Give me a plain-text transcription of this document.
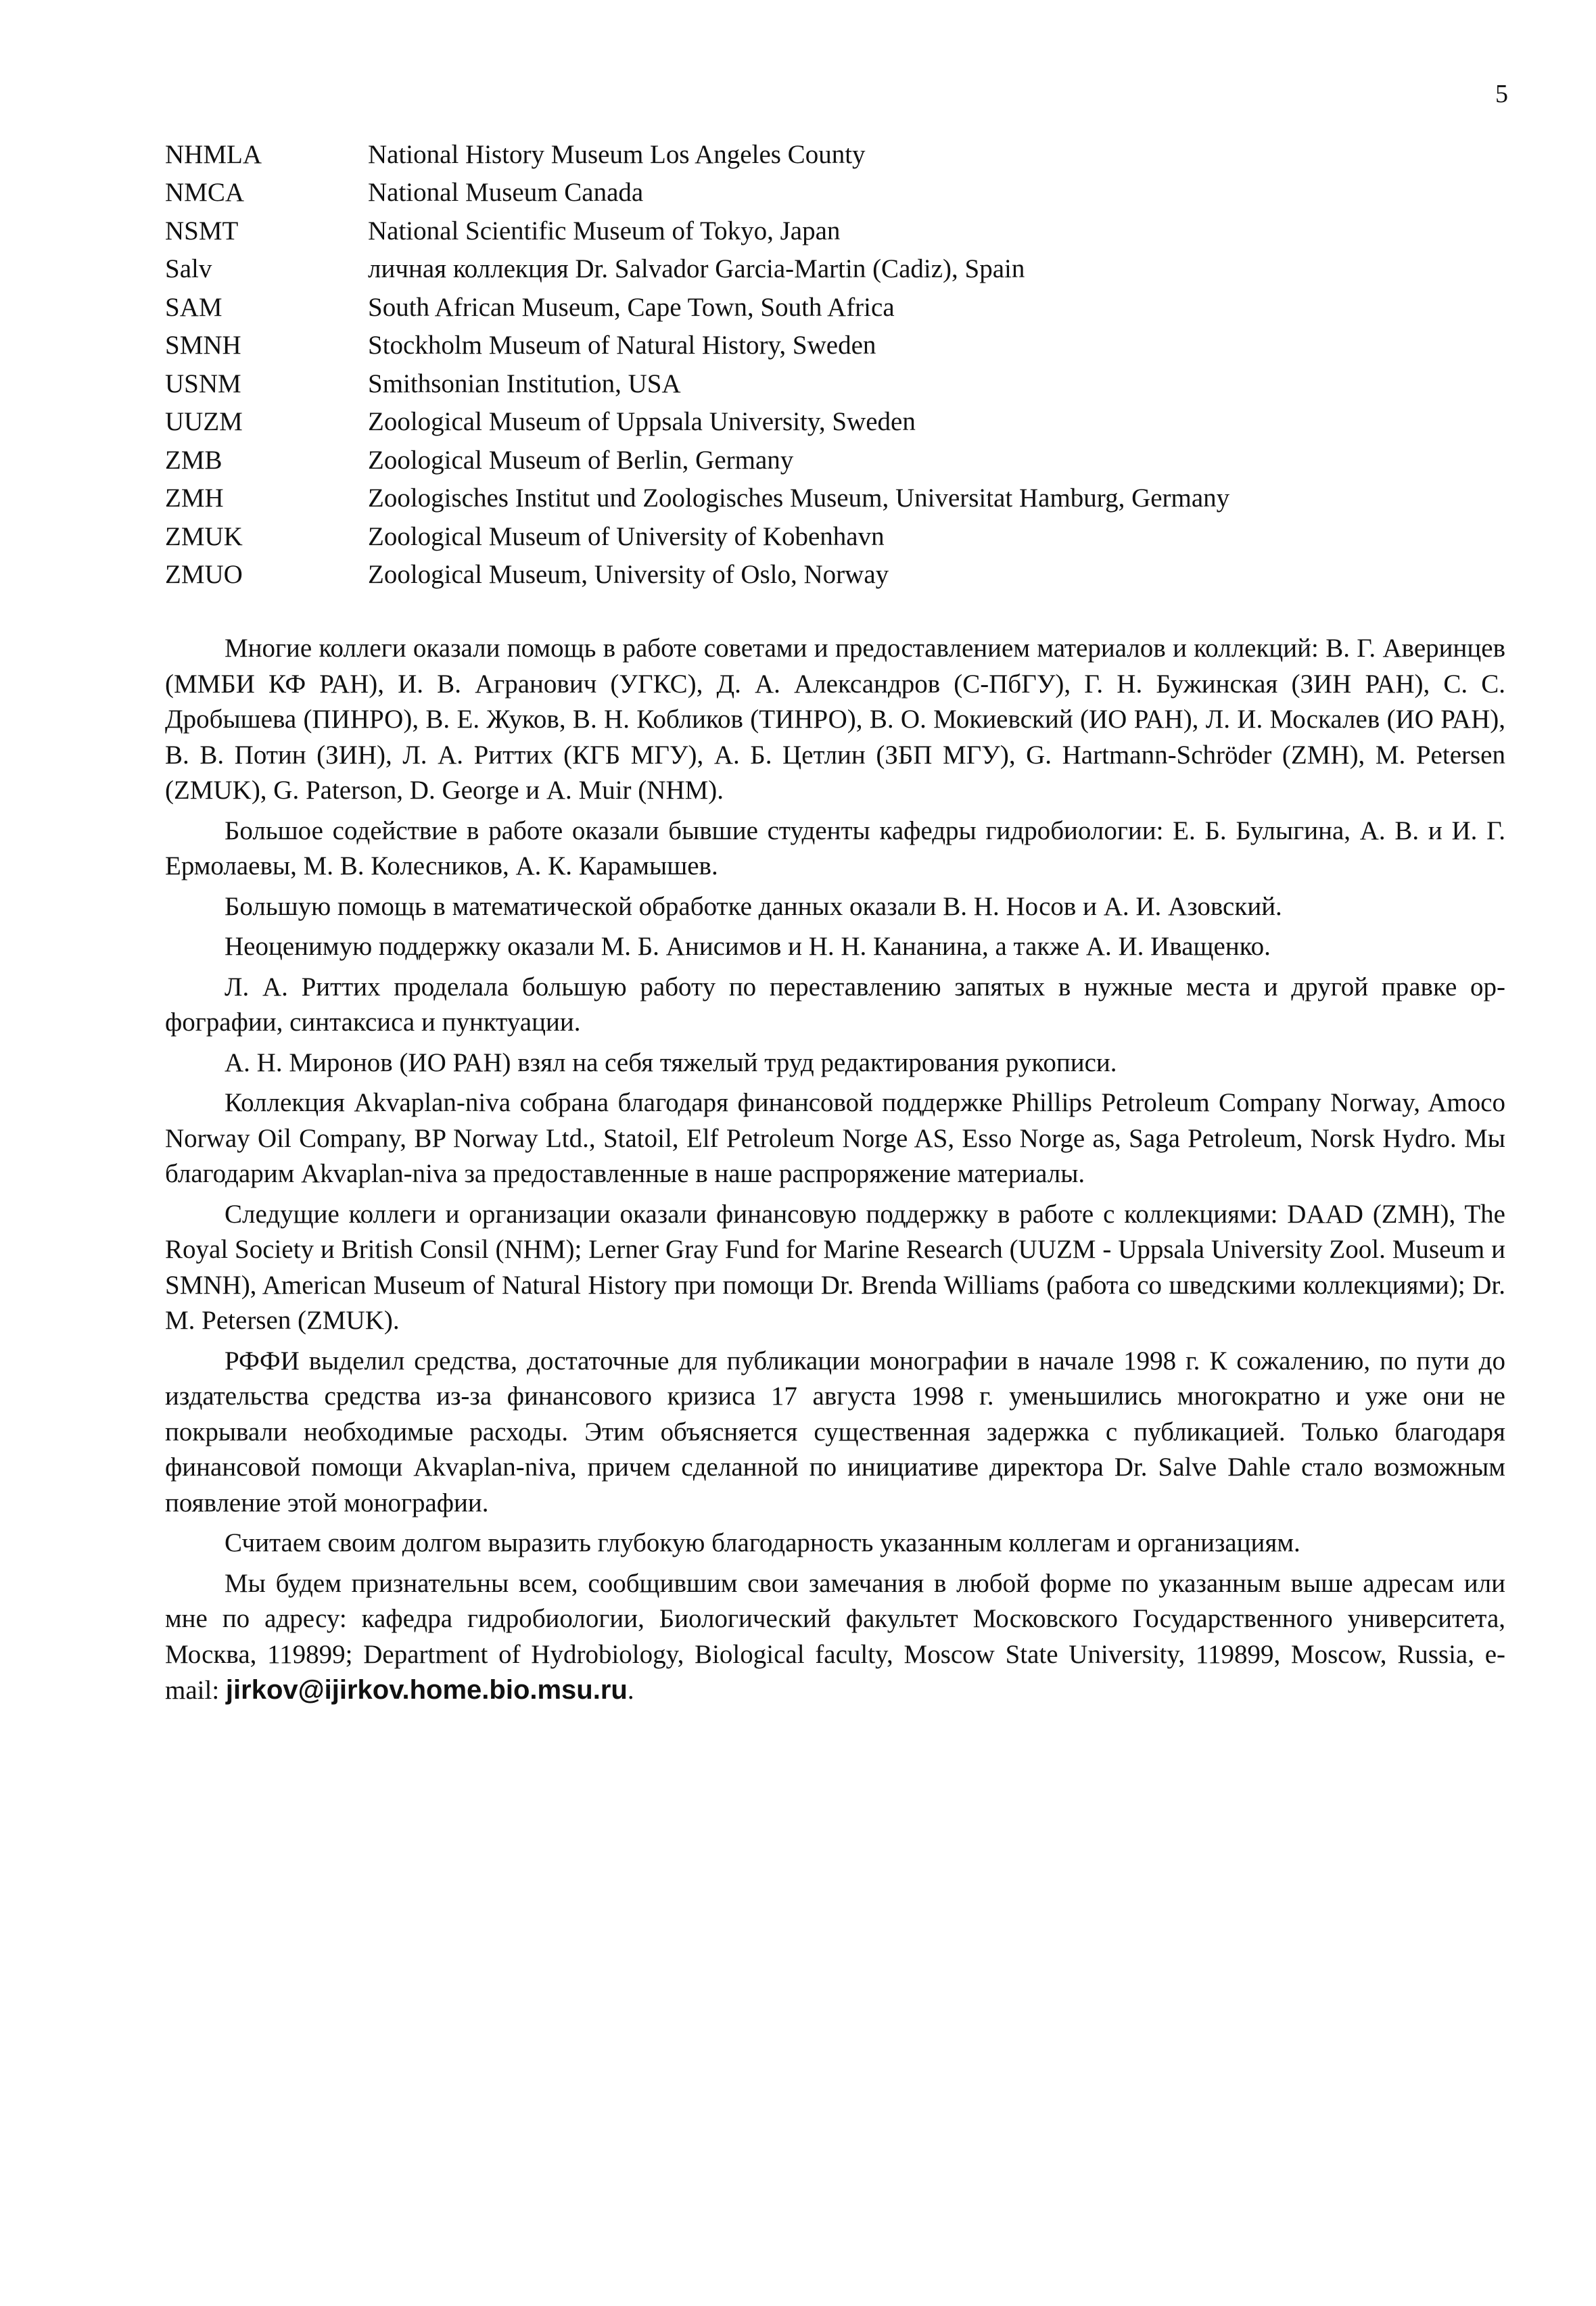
5
NHMLA	National History Museum Los Angeles County
NMCA	National Museum Canada
NSMT	National Scientific Museum of Tokyo, Japan
Salv	личная коллекция Dr. Salvador Garcia-Martin (Cadiz), Spain
SAM	South African Museum, Cape Town, South Africa
SMNH	Stockholm Museum of Natural History, Sweden
USNM	Smithsonian Institution, USA
UUZM	Zoological Museum of Uppsala University, Sweden
ZMB	Zoological Museum of Berlin, Germany
ZMH	Zoologisches Institut und Zoologisches Museum, Universitat Hamburg, Germany
ZMUK	Zoological Museum of University of Kobenhavn
ZMUO	Zoological Museum, University of Oslo, Norway

Многие коллеги оказали помощь в работе советами и предоставлением материалов и коллекций: В. Г. Аверинцев (ММБИ КФ РАН), И. В. Агранович (УГКС), Д. А. Александров (С-ПбГУ), Г. Н. Бужинская (ЗИН РАН), С. С. Дробышева (ПИНРО), В. Е. Жуков, В. Н. Кобликов (ТИНРО), В. О. Мокиевский (ИО РАН), Л. И. Москалев (ИО РАН), В. В. Потин (ЗИН), Л. А. Риттих (КГБ МГУ), А. Б. Цетлин (ЗБП МГУ), G. Hartmann-Schröder (ZMH), M. Petersen (ZMUK), G. Paterson, D. George и A. Muir (NHM).

Большое содействие в работе оказали бывшие студенты кафедры гидробиологии: Е. Б. Булыгина, А. В. и И. Г. Ермолаевы, М. В. Колесников, А. К. Карамышев.

Большую помощь в математической обработке данных оказали В. Н. Носов и А. И. Азовский.

Неоценимую поддержку оказали М. Б. Анисимов и Н. Н. Кананина, а также А. И. Иващенко.

Л. А. Риттих проделала большую работу по переставлению запятых в нужные места и другой правке орфографии, синтаксиса и пунктуации.

А. Н. Миронов (ИО РАН) взял на себя тяжелый труд редактирования рукописи.

Коллекция Akvaplan-niva собрана благодаря финансовой поддержке Phillips Petroleum Company Norway, Amoco Norway Oil Company, BP Norway Ltd., Statoil, Elf Petroleum Norge AS, Esso Norge as, Saga Petroleum, Norsk Hydro. Мы благодарим Akvaplan-niva за предоставленные в наше распроряжение материалы.

Следущие коллеги и организации оказали финансовую поддержку в работе с коллекциями: DAAD (ZMH), The Royal Society и British Consil (NHM); Lerner Gray Fund for Marine Research (UUZM - Uppsala University Zool. Museum и SMNH), American Museum of Natural History при помощи Dr. Brenda Williams (работа со шведскими коллекциями); Dr. M. Petersen (ZMUK).

РФФИ выделил средства, достаточные для публикации монографии в начале 1998 г. К сожалению, по пути до издательства средства из-за финансового кризиса 17 августа 1998 г. уменьшились многократно и уже они не покрывали необходимые расходы. Этим объясняется существенная задержка с публикацией. Только благодаря финансовой помощи Akvaplan-niva, причем сделанной по инициативе директора Dr. Salve Dahle стало возможным появление этой монографии.

Считаем своим долгом выразить глубокую благодарность указанным коллегам и организациям.

Мы будем признательны всем, сообщившим свои замечания в любой форме по указанным выше адресам или мне по адресу: кафедра гидробиологии, Биологический факультет Московского Государственного университета, Москва, 119899; Department of Hydrobiology, Biological faculty, Moscow State University, 119899, Moscow, Russia, e-mail: jirkov@ijirkov.home.bio.msu.ru.
